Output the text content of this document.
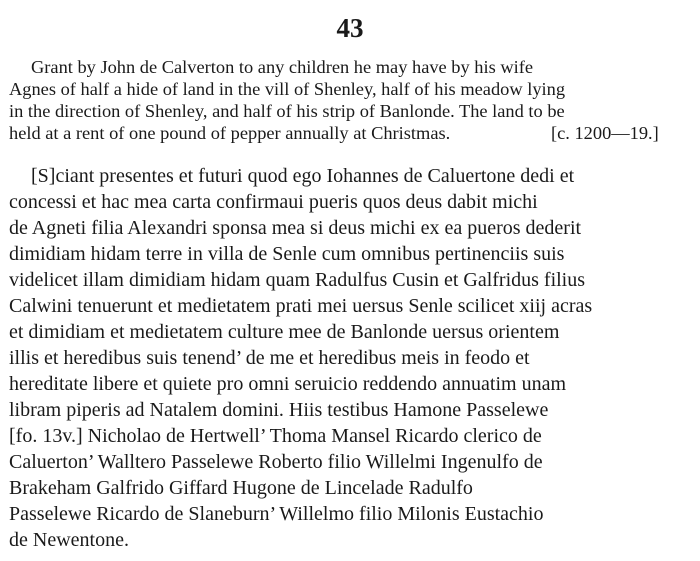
43
Grant by John de Calverton to any children he may have by his wife
Agnes of half a hide of land in the vill of Shenley, half of his meadow lying
in the direction of Shenley, and half of his strip of Banlonde. The land to be
held at a rent of one pound of pepper annually at Christmas.	[c. 1200—19.]
[S]ciant presentes et futuri quod ego Iohannes de Caluertone dedi et
concessi et hac mea carta confirmaui pueris quos deus dabit michi
de Agneti filia Alexandri sponsa mea si deus michi ex ea pueros dederit
dimidiam hidam terre in villa de Senle cum omnibus pertinenciis suis
videlicet illam dimidiam hidam quam Radulfus Cusin et Galfridus filius
Calwini tenuerunt et medietatem prati mei uersus Senle scilicet xiij acras
et dimidiam et medietatem culture mee de Banlonde uersus orientem
illis et heredibus suis tenend’ de me et heredibus meis in feodo et
hereditate libere et quiete pro omni seruicio reddendo annuatim unam
libram piperis ad Natalem domini. Hiis testibus Hamone Passelewe
[fo. 13v.] Nicholao de Hertwell’ Thoma Mansel Ricardo clerico de
Caluerton’ Walltero Passelewe Roberto filio Willelmi Ingenulfo de
Brakeham Galfrido Giffard Hugone de Lincelade Radulfo
Passelewe Ricardo de Slaneburn’ Willelmo filio Milonis Eustachio
de Newentone.
